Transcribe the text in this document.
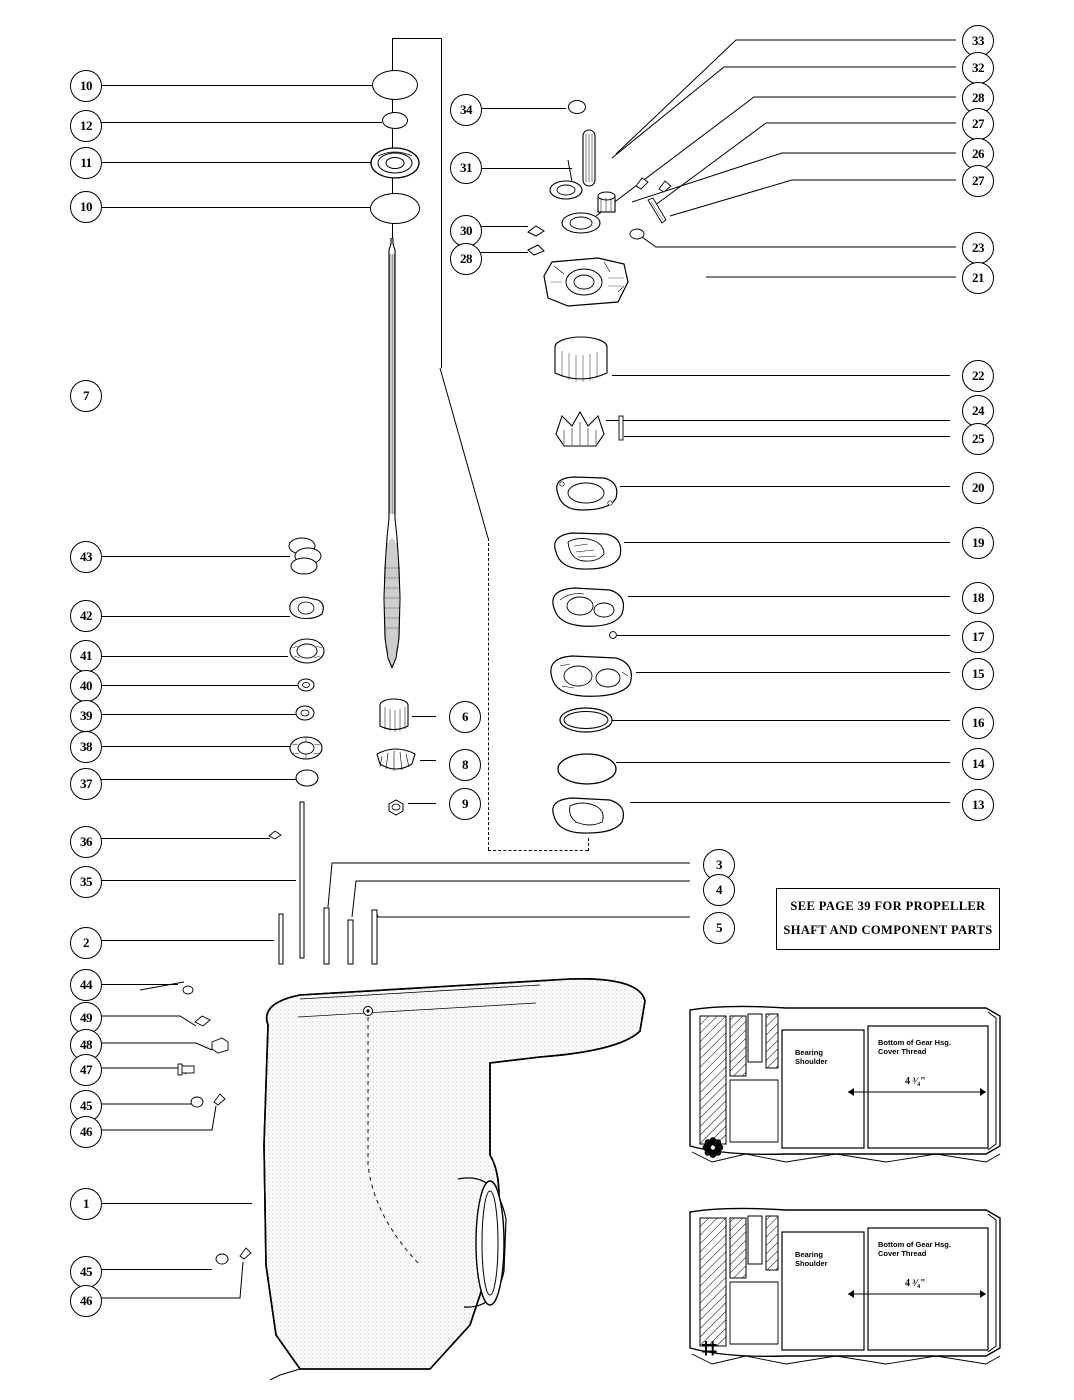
SEE PAGE 39 FOR PROPELLER
SHAFT AND COMPONENT PARTS
Bearing
Shoulder
Bottom of Gear Hsg.
Cover Thread
4 ³⁄₄"
❁
Bearing
Shoulder
Bottom of Gear Hsg.
Cover Thread
4 ³⁄₄"
⌗
10
12
11
10
34
31
30
28
33
32
28
27
26
27
23
21
7
22
24
25
20
19
18
17
15
16
14
13
43
42
41
40
39
38
37
6
8
9
36
35
3
4
5
2
44
49
48
47
45
46
1
45
46
